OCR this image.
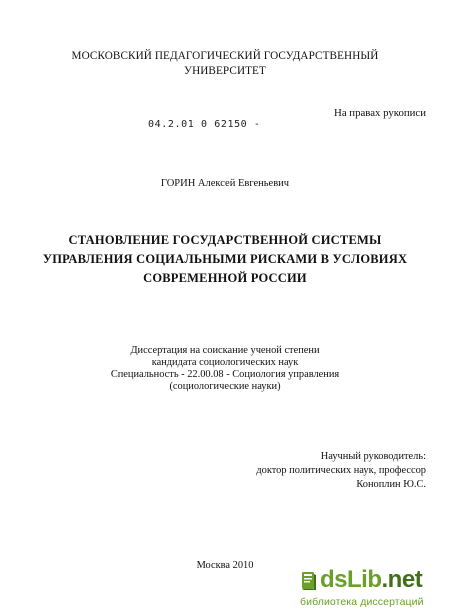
МОСКОВСКИЙ ПЕДАГОГИЧЕСКИЙ ГОСУДАРСТВЕННЫЙ
УНИВЕРСИТЕТ
На правах рукописи
04.2.01 0 62150 -
ГОРИН Алексей Евгеньевич
СТАНОВЛЕНИЕ ГОСУДАРСТВЕННОЙ СИСТЕМЫ
УПРАВЛЕНИЯ СОЦИАЛЬНЫМИ РИСКАМИ В УСЛОВИЯХ
СОВРЕМЕННОЙ РОССИИ
Диссертация на соискание ученой степени
кандидата социологических наук
Специальность - 22.00.08 - Социология управления
(социологические науки)
Научный руководитель:
доктор политических наук, профессор
Коноплин Ю.С.
Москва 2010
ds Lib .net
библиотека диссертаций
